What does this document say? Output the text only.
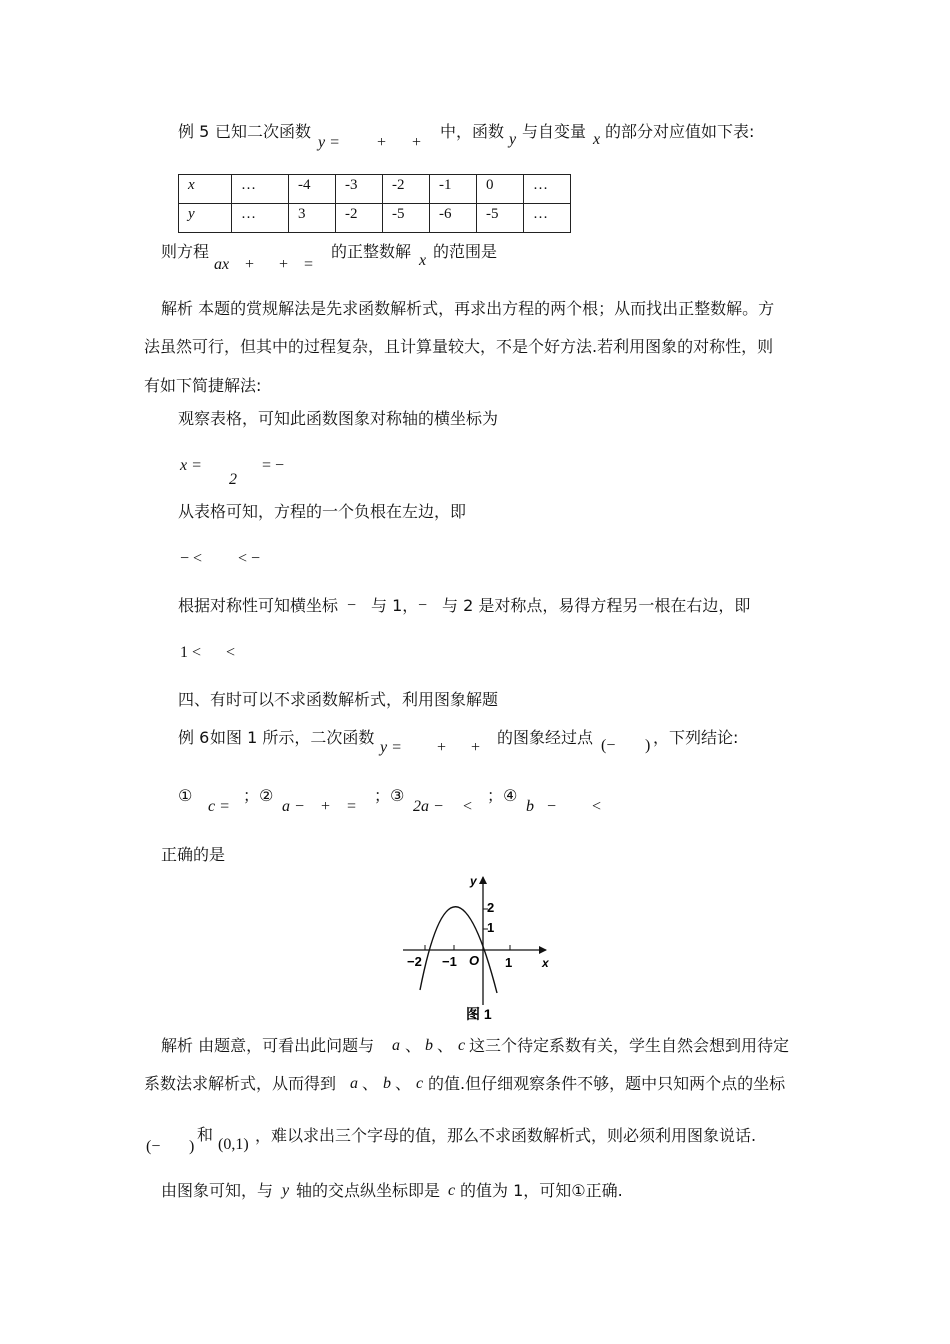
例 5 已知二次函数
y = + +
中，函数 y 与自变量 x 的部分对应值如下表:
x	…	-4	-3	-2	-1	0	…
y	…	3	-2	-5	-6	-5	…
则方程
ax + + =
的正整数解 x 的范围是
解析 本题的赏规解法是先求函数解析式，再求出方程的两个根；从而找出正整数解。方
法虽然可行，但其中的过程复杂，且计算量较大，不是个好方法.若利用图象的对称性，则
有如下简捷解法:
观察表格，可知此函数图象对称轴的横坐标为
x =
2
= −
从表格可知，方程的一个负根在左边，即
− < < −
根据对称性可知横坐标 − 与 1， − 与 2 是对称点，易得方程另一根在右边，即
1 < <
四、有时可以不求函数解析式，利用图象解题
例 6 如图 1 所示，二次函数
y = + +
的图象经过点 (− ) ，下列结论:
①
c =
；②
a − + =
；③
2a − <
；④
b − <
正确的是
y
x
2
1
−2 −1 O 1
图 1
解析 由题意，可看出此问题与 a 、 b 、 c 这三个待定系数有关，学生自然会想到用待定
系数法求解析式，从而得到 a 、 b 、 c 的值.但仔细观察条件不够，题中只知两个点的坐标
(− )
和
(0,1) ，难以求出三个字母的值，那么不求函数解析式，则必须利用图象说话.
由图象可知，与 y 轴的交点纵坐标即是 c 的值为 1，可知①正确.
